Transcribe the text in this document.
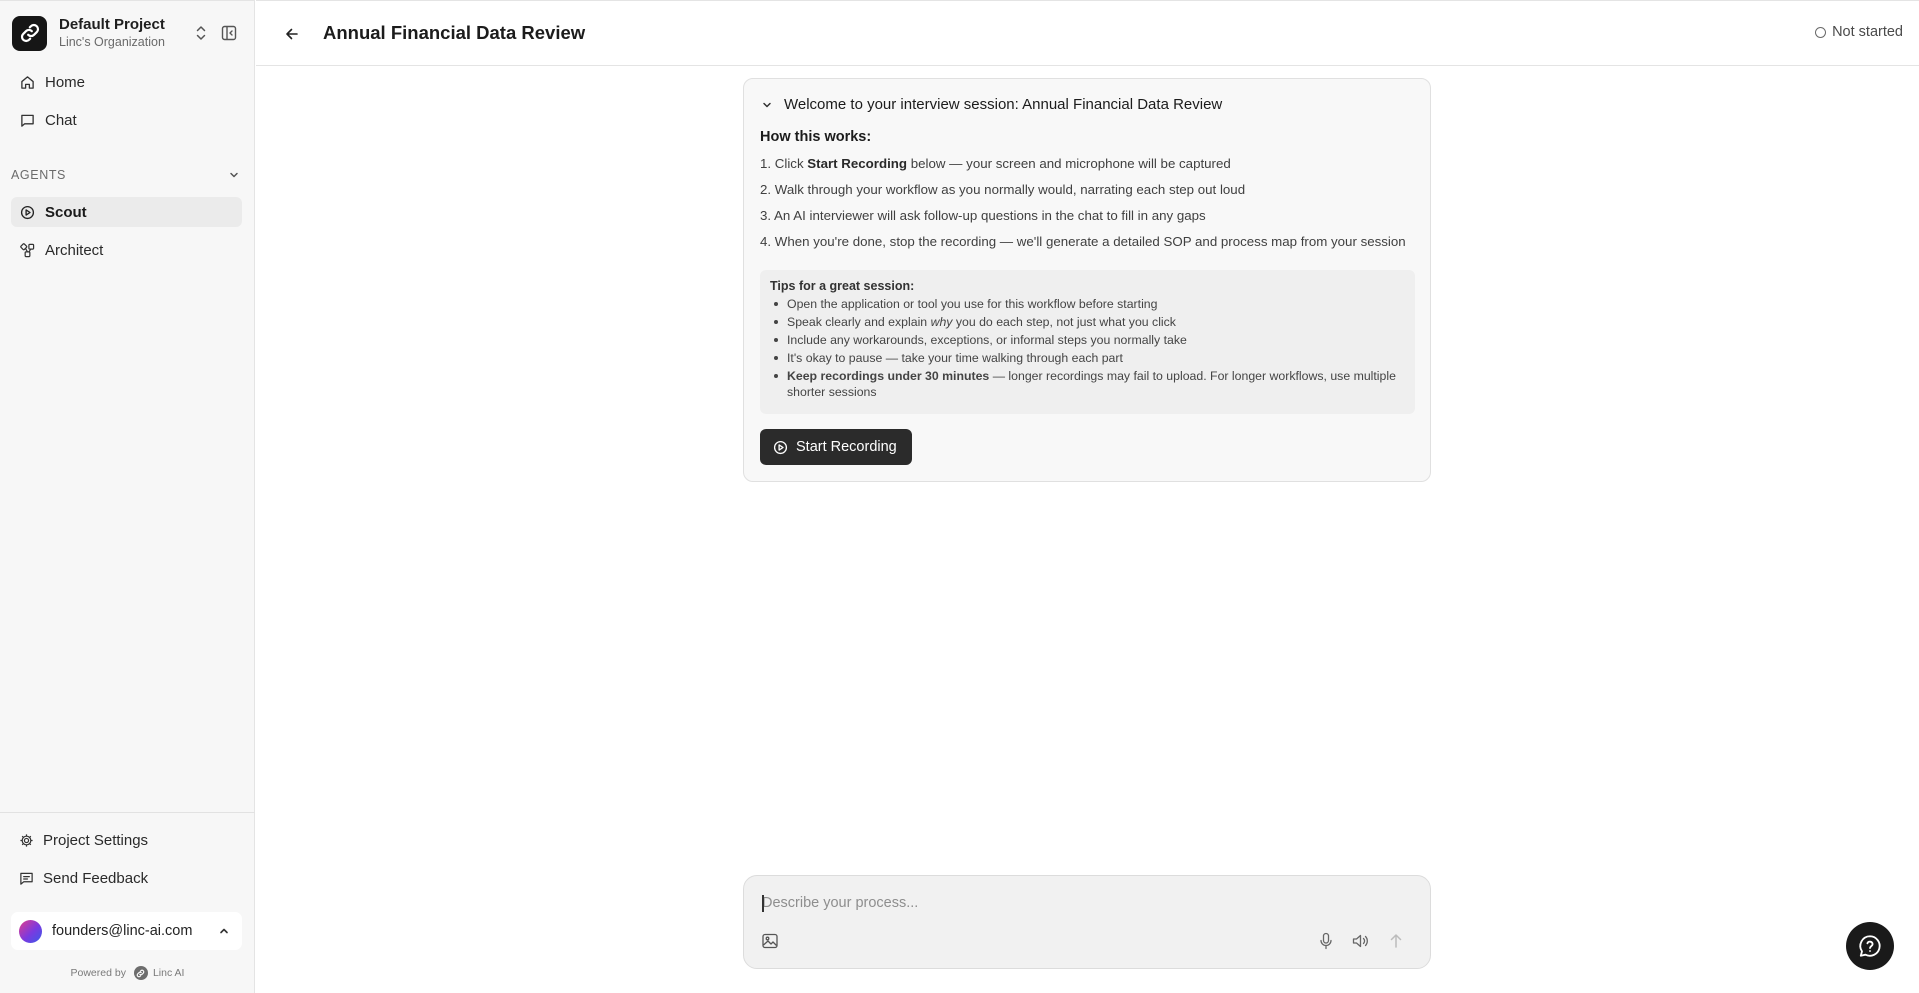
Default Project
Linc's Organization
Home
Chat
AGENTS
Scout
Architect
Project Settings
Send Feedback
founders@linc-ai.com
Powered by	Linc AI
Annual Financial Data Review	Not started
Welcome to your interview session: Annual Financial Data Review
How this works:
1. Click Start Recording below — your screen and microphone will be captured
2. Walk through your workflow as you normally would, narrating each step out loud
3. An AI interviewer will ask follow-up questions in the chat to fill in any gaps
4. When you're done, stop the recording — we'll generate a detailed SOP and process map from your session
Tips for a great session:
Open the application or tool you use for this workflow before starting
Speak clearly and explain why you do each step, not just what you click
Include any workarounds, exceptions, or informal steps you normally take
It's okay to pause — take your time walking through each part
Keep recordings under 30 minutes — longer recordings may fail to upload. For longer workflows, use multiple shorter sessions
Start Recording
Describe your process...
